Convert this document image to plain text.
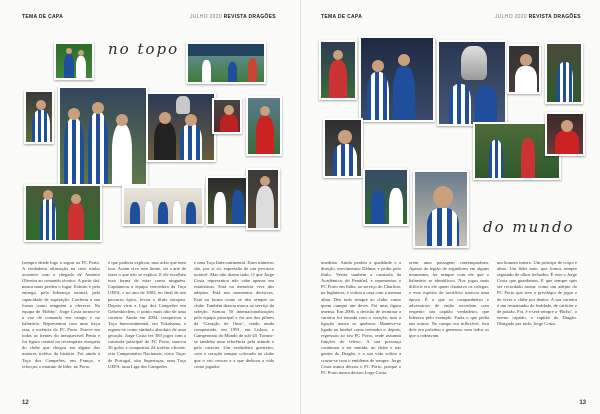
TEMA DE CAPA	JULHO 2020 REVISTA DRAGÕES
no topo
(sempre desde logo a seguir ao FC Porto. A verdadeira afirmação na crise titular acontece com a chegada de António Oliveira ao comando técnico. A partir daí, nunca mais perdeu o lugar. Exímio e pela entrega, pela liderança natural, pela capacidade de superação. Conferiu à sua forma como ninguém a oferecer. Na equipa de ‘Bobby’, Jorge Costa tornou-se a voz de comando em campo e no balneário. Representou com uma força rara, a essência do FC Porto. Esteve em todas as frentes do inesquecível Penta e foi figura central na reconquista europeia do clube que chegou em alguns dos maiores troféus da história. Foi ainda à Taça dos Campeões, em França, e reforçou o estatuto de líder, no Porto.
é que poderia explicar, mas acho que nem isso. Assim vivo sem limite, sei a arte de fazer o que não se explica. E ele escolheu essa forma de estar como ninguém. Capitaneou a equipa vencedora da Taça UEFA, e no ano de 2003, no final de um percurso épico, levou o título europeu. Depois viria a Liga dos Campeões em Gelsenkirchen, o ponto mais alto de uma carreira. Ainda em 2004, conquistou a Taça Intercontinental, em Yokohama, e ergueu-se como símbolo absoluto de uma geração. Jorge Costa fez 383 jogos com a camisola principal do FC Porto, marcou 26 golos e conquistou 24 troféus oficiais: oito Campeonatos Nacionais, cinco Taças de Portugal, oito Supertaças, uma Taça UEFA, uma Liga dos Campeões
e uma Taça Intercontinental. Estes números são, por si só, expressão de um percurso notável. Mas não dizem tudo. O que Jorge Costa representou não cabe apenas em estatísticas. Está na memória viva dos adeptos. Está nos momentos decisivos. Está na forma como se deu sempre ao clube. Também deixou marca ao serviço da seleção. Somou 50 internacionalizações pela equipa principal e foi um dos pilares da ‘Geração de Ouro’, tendo ainda conquistado, em 1991, em Lisboa, o Campeonato do Mundo de sub-20. Tornou-se também uma referência pela atitude e pelo carácter. Um verdadeiro guerreiro, com o coração sempre colocado no clube que o viu crescer e a que dedicou a vida como jogador.
12
TEMA DE CAPA	JULHO 2020 REVISTA DRAGÕES
do mundo
imediato. Ainda perdeu a qualidade e a direção, movimentou Dálmar e pediu pelo título. Vestiu também a camisola da Académica, do Penafiel, e representou o FC Porto em Itália, ao serviço do Charlton, na Inglaterra, e voltou a casa com a mesma alma. Deu tudo sempre ao clube, como quem cumpre um dever. Foi uma figura imensa. Em 2006, a decisão de terminar a carreira foi tomada com o coração, mas a ligação nunca se quebrou. Manteve-se ligado ao futebol como treinador e, depois, regressou ao seu FC Porto, onde assumiu funções de relevo. A sua presença continuou a ser sentida, no clube e nas gentes do Dragão, e a sua vida voltou a cruzar-se com o emblema de sempre. Jorge Costa nunca deixou o FC Porto, porque o FC Porto nunca deixou Jorge Costa.
orem uma passagem contemporânea. Apesar da legião de seguidores em alguns momentos, foi sempre com ele que o balneário se identificou. Nos jogos mais difíceis era ele quem chamava os colegas, e esse espírito de sacrifício marcou uma época. É o que os companheiros e adversários de então recordam com respeito: um capitão verdadeiro, que liderava pelo exemplo. Fazia o que pedia aos outros. No campo era inflexível, fora dele era próximo e generoso com todos os que o rodeavam.
um homem inteiro. Um príncipe de corpo e alma. Um líder nato, que fomos sempre seguindo de olhos fechados. É esse o Jorge Costa que guardamos. E que sempre quis ser recordado assim: como um adepto do FC Porto que teve o privilégio de jogar e de viver o clube por dentro. A sua carreira é um testemunho de lealdade, de carácter e de paixão. Foi, é e será sempre o ‘Bicho’, o eterno capitão, o capitão do Dragão. Obrigado por tudo, Jorge Costa.
13
